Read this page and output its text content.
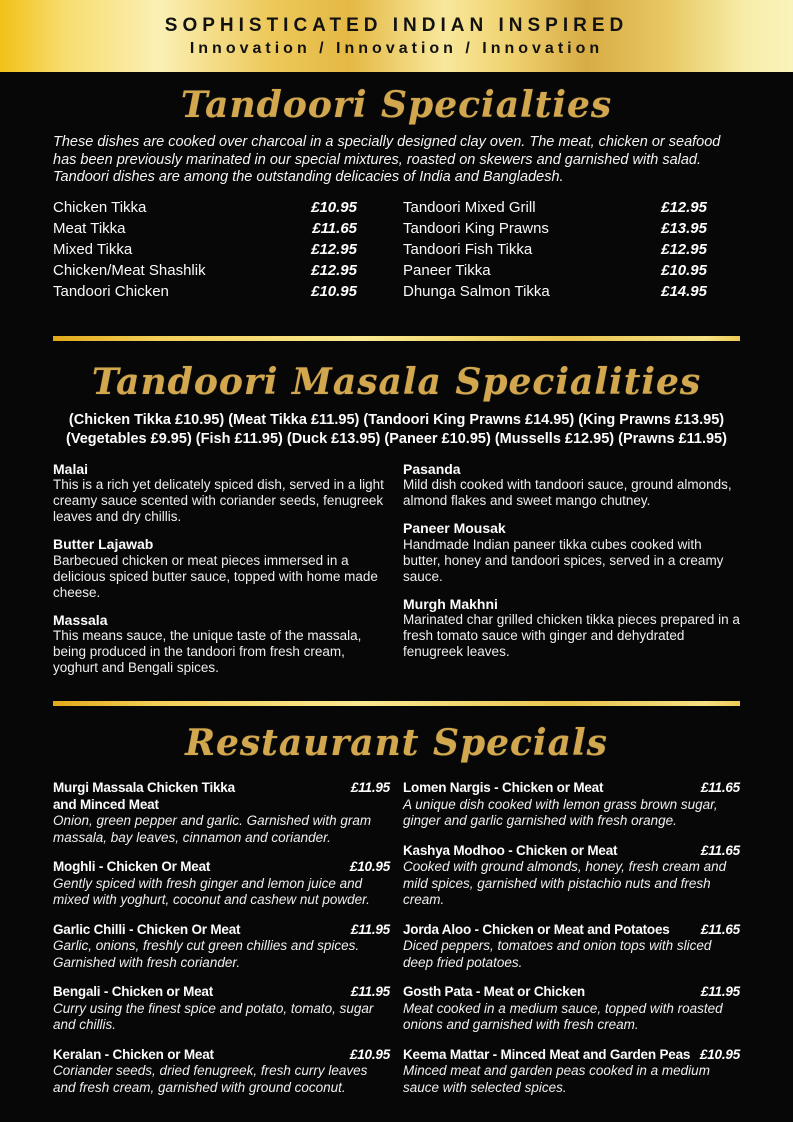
SOPHISTICATED INDIAN INSPIRED
Innovation / Innovation / Innovation
Tandoori Specialties

These dishes are cooked over charcoal in a specially designed clay oven. The meat, chicken or seafood has been previously marinated in our special mixtures, roasted on skewers and garnished with salad. Tandoori dishes are among the outstanding delicacies of India and Bangladesh.

Chicken Tikka	£10.95
Meat Tikka	£11.65
Mixed Tikka	£12.95
Chicken/Meat Shashlik	£12.95
Tandoori Chicken	£10.95
Tandoori Mixed Grill	£12.95
Tandoori King Prawns	£13.95
Tandoori Fish Tikka	£12.95
Paneer Tikka	£10.95
Dhunga Salmon Tikka	£14.95
Tandoori Masala Specialities
(Chicken Tikka £10.95) (Meat Tikka £11.95) (Tandoori King Prawns £14.95) (King Prawns £13.95)
(Vegetables £9.95) (Fish £11.95) (Duck £13.95) (Paneer £10.95) (Mussells £12.95) (Prawns £11.95)
Malai
This is a rich yet delicately spiced dish, served in a light creamy sauce scented with coriander seeds, fenugreek leaves and dry chillis.
Butter Lajawab
Barbecued chicken or meat pieces immersed in a delicious spiced butter sauce, topped with home made cheese.
Massala
This means sauce, the unique taste of the massala, being produced in the tandoori from fresh cream, yoghurt and Bengali spices.
Pasanda
Mild dish cooked with tandoori sauce, ground almonds, almond flakes and sweet mango chutney.
Paneer Mousak
Handmade Indian paneer tikka cubes cooked with butter, honey and tandoori spices, served in a creamy sauce.
Murgh Makhni
Marinated char grilled chicken tikka pieces prepared in a fresh tomato sauce with ginger and dehydrated fenugreek leaves.
Restaurant Specials
Murgi Massala Chicken Tikka
and Minced Meat
£11.95
Onion, green pepper and garlic. Garnished with gram massala, bay leaves, cinnamon and coriander.
Moghli - Chicken Or Meat	£10.95
Gently spiced with fresh ginger and lemon juice and mixed with yoghurt, coconut and cashew nut powder.
Garlic Chilli - Chicken Or Meat	£11.95
Garlic, onions, freshly cut green chillies and spices. Garnished with fresh coriander.
Bengali - Chicken or Meat	£11.95
Curry using the finest spice and potato, tomato, sugar and chillis.
Keralan - Chicken or Meat	£10.95
Coriander seeds, dried fenugreek, fresh curry leaves and fresh cream, garnished with ground coconut.
Lomen Nargis - Chicken or Meat	£11.65
A unique dish cooked with lemon grass brown sugar, ginger and garlic garnished with fresh orange.
Kashya Modhoo - Chicken or Meat	£11.65
Cooked with ground almonds, honey, fresh cream and mild spices, garnished with pistachio nuts and fresh cream.
Jorda Aloo - Chicken or Meat and Potatoes	£11.65
Diced peppers, tomatoes and onion tops with sliced deep fried potatoes.
Gosth Pata - Meat or Chicken	£11.95
Meat cooked in a medium sauce, topped with roasted onions and garnished with fresh cream.
Keema Mattar - Minced Meat and Garden Peas £10.95
Minced meat and garden peas cooked in a medium sauce with selected spices.
